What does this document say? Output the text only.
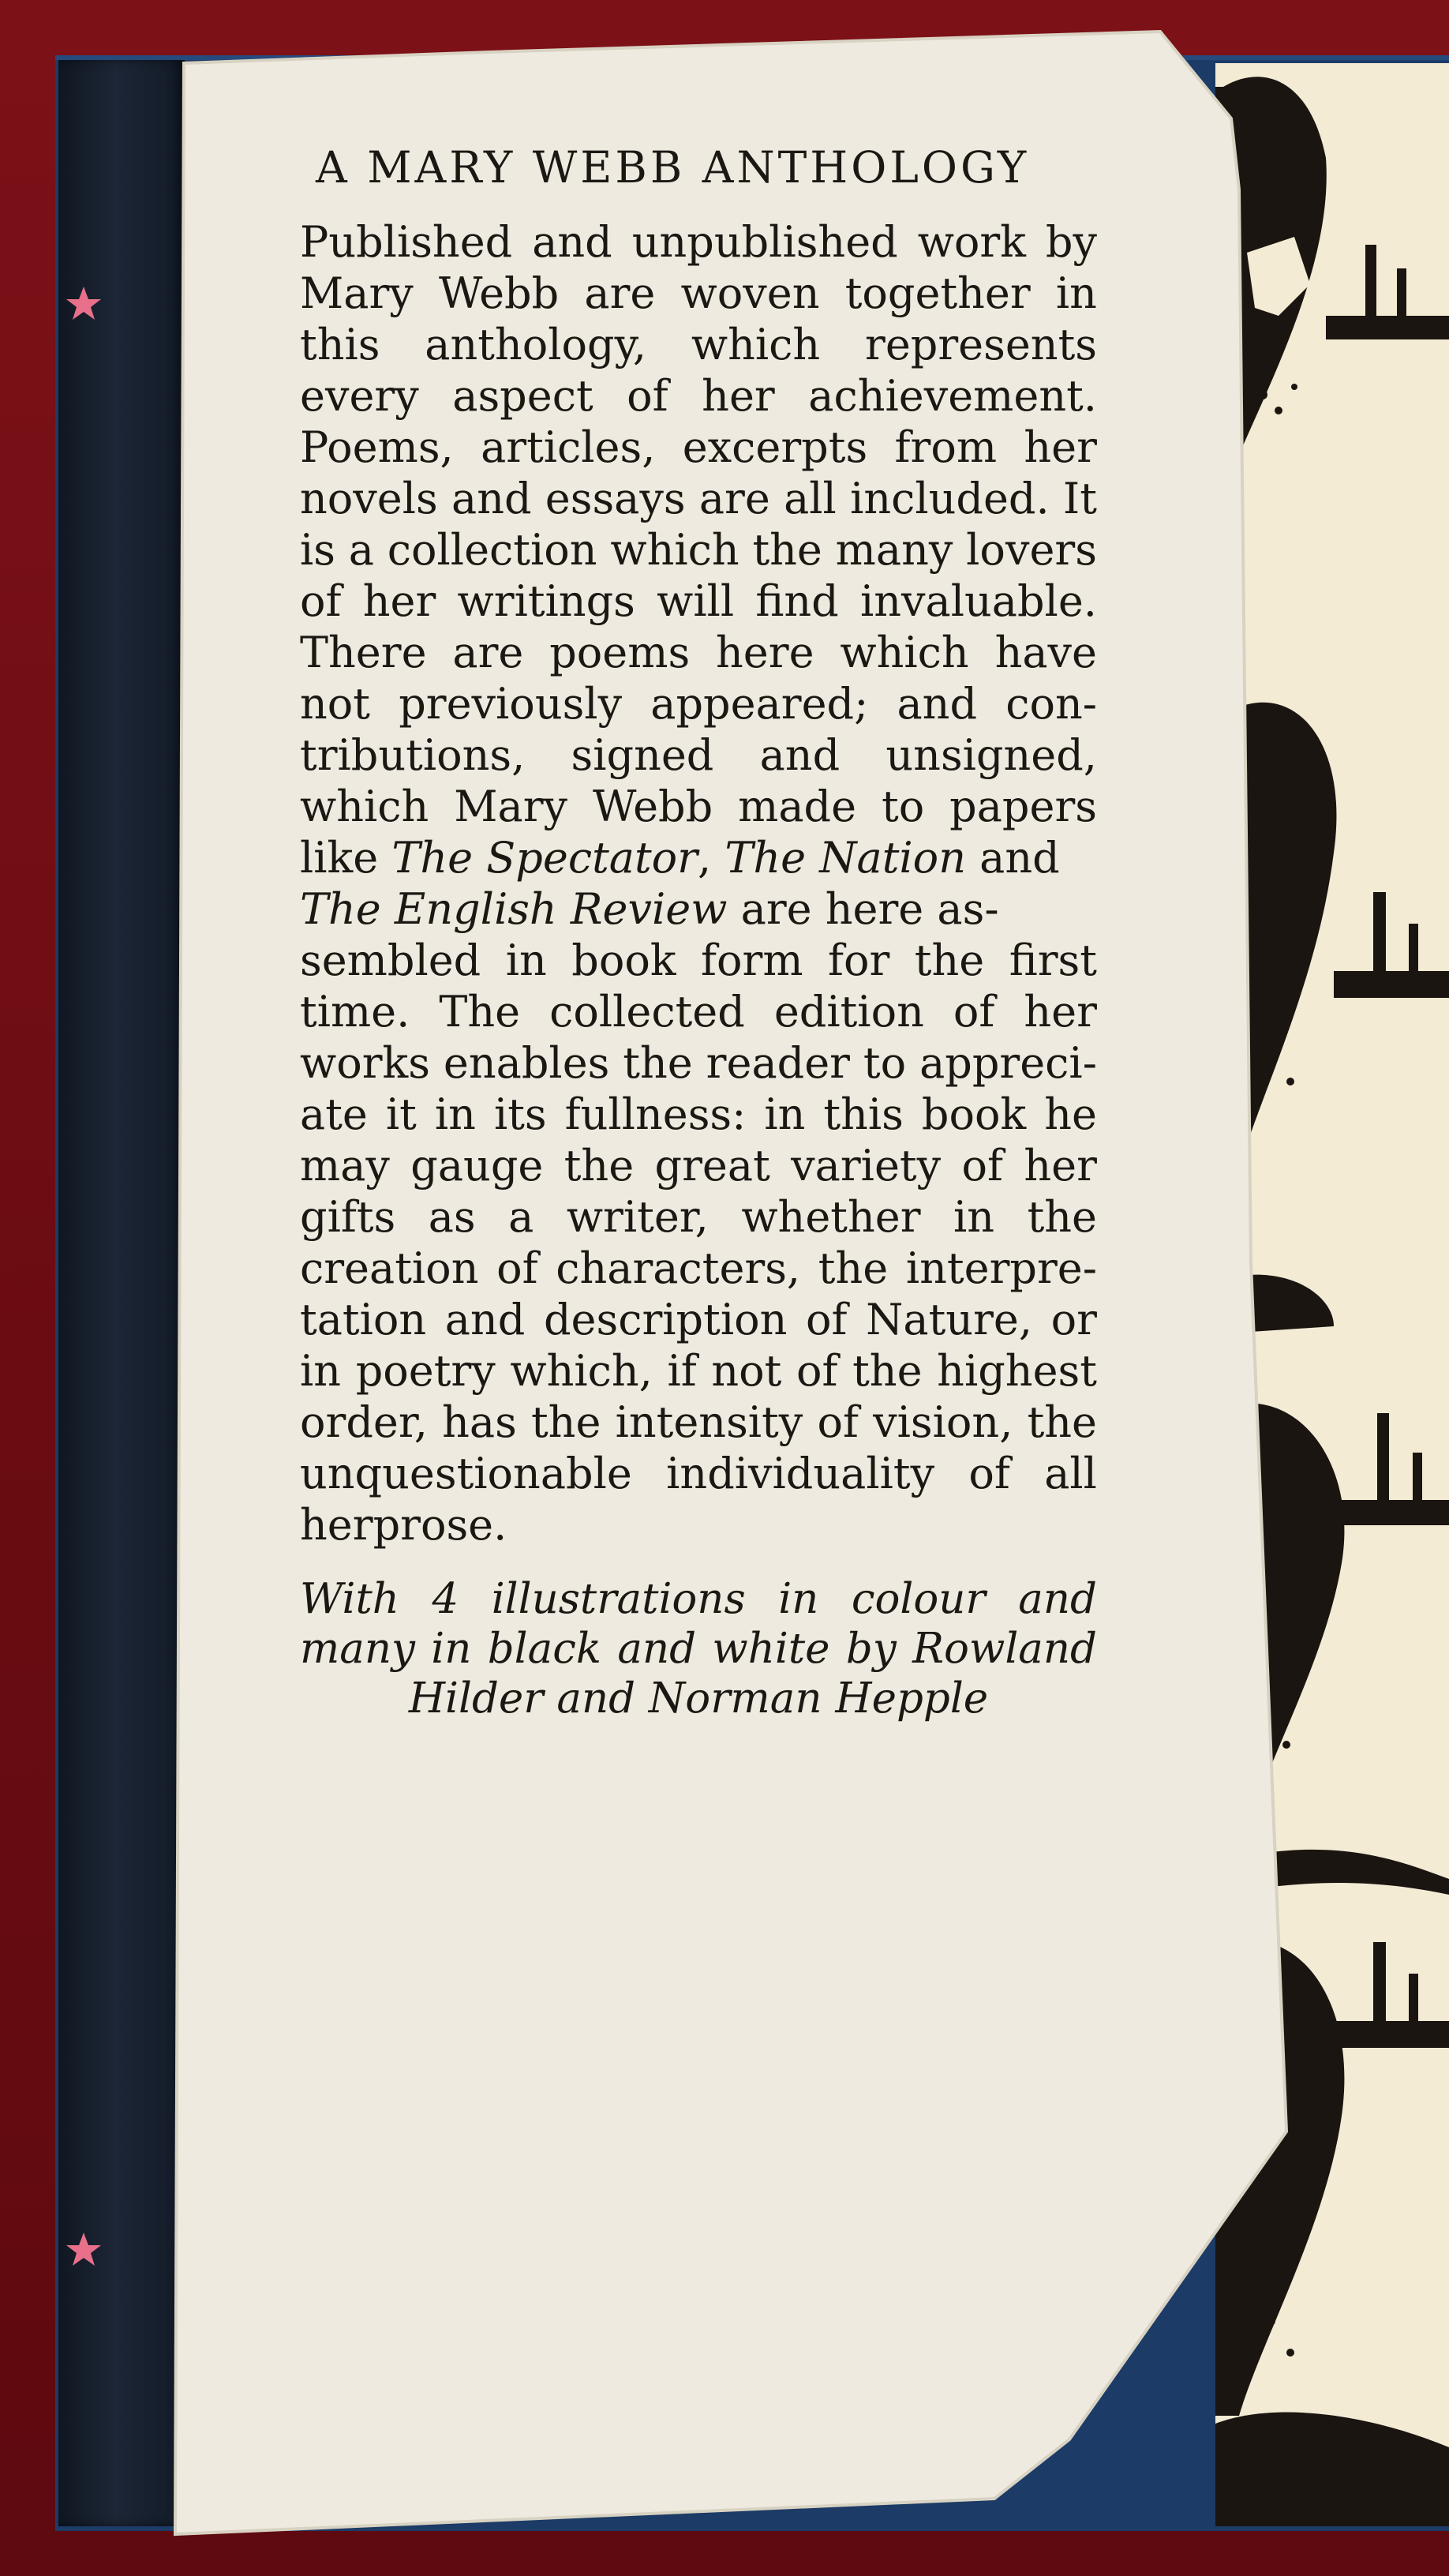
A MARY WEBB ANTHOLOGY
Published and unpublished work by
Mary Webb are woven together in
this anthology, which represents
every aspect of her achievement.
Poems, articles, excerpts from her
novels and essays are all included. It
is a collection which the many lovers
of her writings will find invaluable.
There are poems here which have
not previously appeared; and con-
tributions, signed and unsigned,
which Mary Webb made to papers
like The Spectator, The Nation and
The English Review are here as-
sembled in book form for the first
time. The collected edition of her
works enables the reader to appreci-
ate it in its fullness: in this book he
may gauge the great variety of her
gifts as a writer, whether in the
creation of characters, the interpre-
tation and description of Nature, or
in poetry which, if not of the highest
order, has the intensity of vision, the
unquestionable individuality of all
her prose.
With 4 illustrations in colour and
many in black and white by Rowland
Hilder and Norman Hepple
